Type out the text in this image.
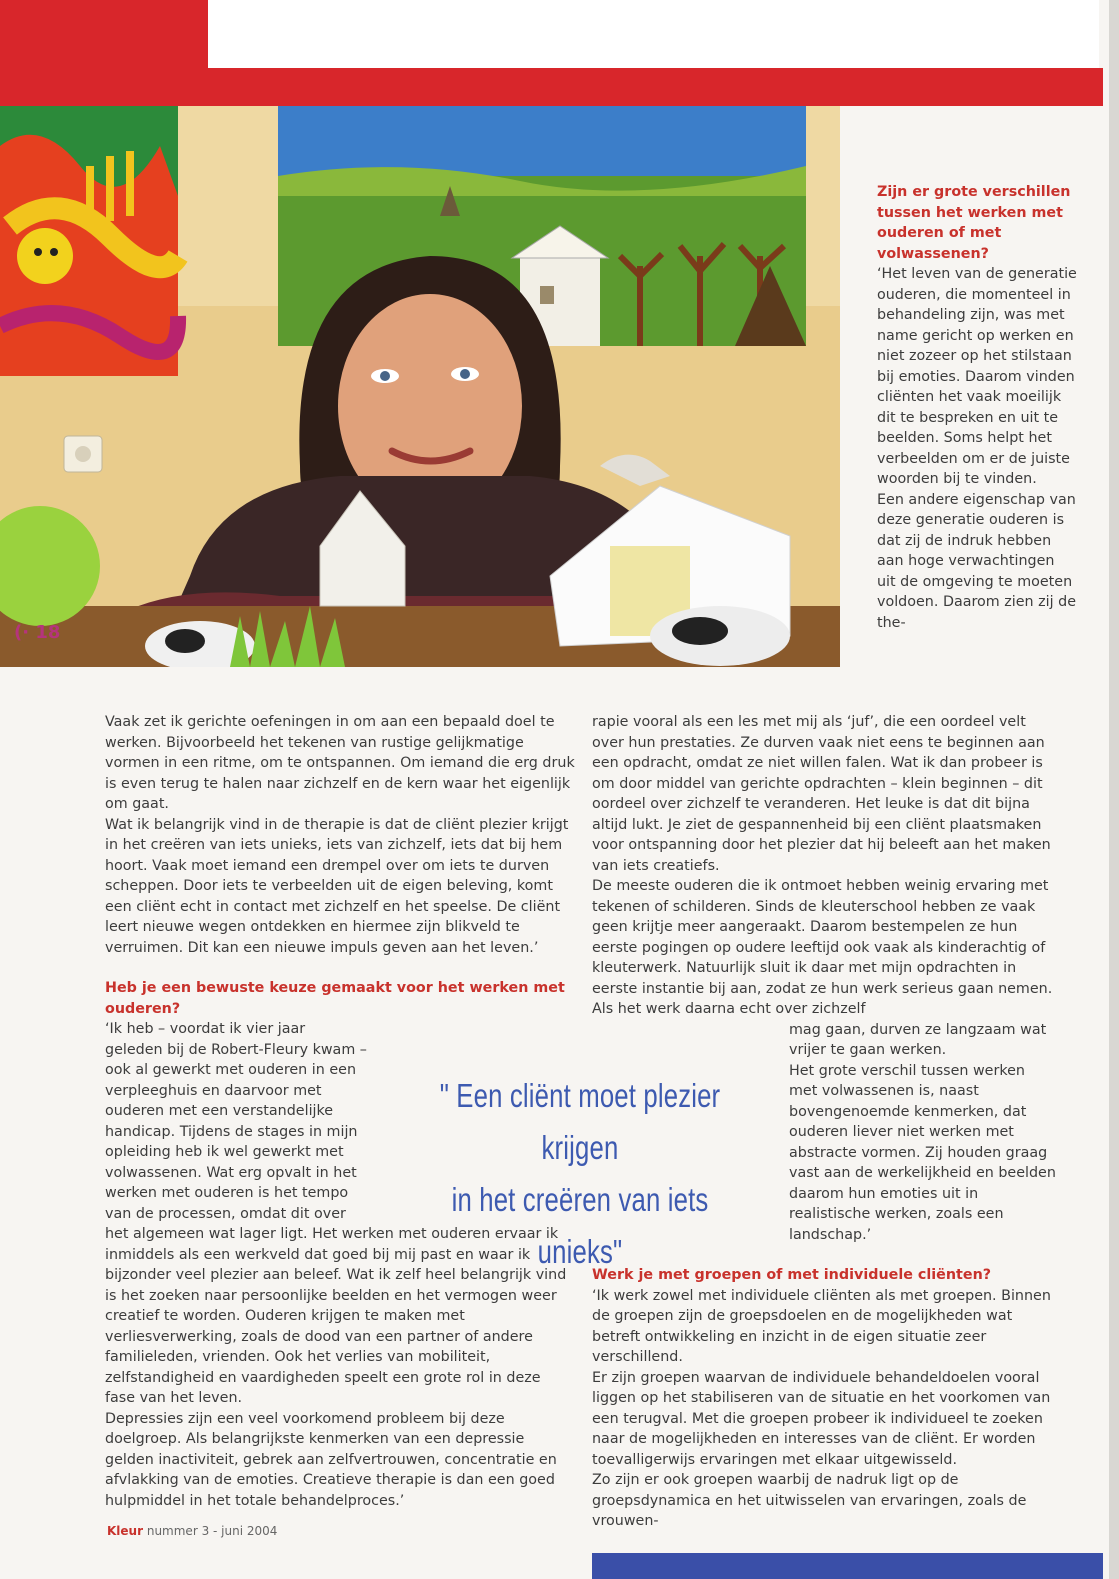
(· 18

Zijn er grote verschillen tussen het werken met ouderen of met volwassenen?

‘Het leven van de generatie ouderen, die momenteel in behandeling zijn, was met name gericht op werken en niet zozeer op het stilstaan bij emoties. Daarom vinden cliënten het vaak moeilijk dit te bespreken en uit te beelden. Soms helpt het verbeelden om er de juiste woorden bij te vinden.

Een andere eigenschap van deze generatie ouderen is dat zij de indruk hebben aan hoge verwachtingen uit de omgeving te moeten voldoen. Daarom zien zij de the-

Vaak zet ik gerichte oefeningen in om aan een bepaald doel te werken. Bijvoorbeeld het tekenen van rustige gelijkmatige vormen in een ritme, om te ontspannen. Om iemand die erg druk is even terug te halen naar zichzelf en de kern waar het eigenlijk om gaat.

Wat ik belangrijk vind in de therapie is dat de cliënt plezier krijgt in het creëren van iets unieks, iets van zichzelf, iets dat bij hem hoort. Vaak moet iemand een drempel over om iets te durven scheppen. Door iets te verbeelden uit de eigen beleving, komt een cliënt echt in contact met zichzelf en het speelse. De cliënt leert nieuwe wegen ontdekken en hiermee zijn blikveld te verruimen. Dit kan een nieuwe impuls geven aan het leven.’

Heb je een bewuste keuze gemaakt voor het werken met ouderen?

‘Ik heb – voordat ik vier jaar geleden bij de Robert-Fleury kwam – ook al gewerkt met ouderen in een verpleeghuis en daarvoor met ouderen met een verstandelijke handicap. Tijdens de stages in mijn opleiding heb ik wel gewerkt met volwassenen. Wat erg opvalt in het werken met ouderen is het tempo van de processen, omdat dit over

het algemeen wat lager ligt. Het werken met ouderen ervaar ik inmiddels als een werkveld dat goed bij mij past en waar ik bijzonder veel plezier aan beleef. Wat ik zelf heel belangrijk vind is het zoeken naar persoonlijke beelden en het vermogen weer creatief te worden. Ouderen krijgen te maken met verliesverwerking, zoals de dood van een partner of andere familieleden, vrienden. Ook het verlies van mobiliteit, zelfstandigheid en vaardigheden speelt een grote rol in deze fase van het leven.

Depressies zijn een veel voorkomend probleem bij deze doelgroep. Als belangrijkste kenmerken van een depressie gelden inactiviteit, gebrek aan zelfvertrouwen, concentratie en afvlakking van de emoties. Creatieve therapie is dan een goed hulpmiddel in het totale behandelproces.’

rapie vooral als een les met mij als ‘juf’, die een oordeel velt over hun prestaties. Ze durven vaak niet eens te beginnen aan een opdracht, omdat ze niet willen falen. Wat ik dan probeer is om door middel van gerichte opdrachten – klein beginnen – dit oordeel over zichzelf te veranderen. Het leuke is dat dit bijna altijd lukt. Je ziet de gespannenheid bij een cliënt plaatsmaken voor ontspanning door het plezier dat hij beleeft aan het maken van iets creatiefs.

De meeste ouderen die ik ontmoet hebben weinig ervaring met tekenen of schilderen. Sinds de kleuterschool hebben ze vaak geen krijtje meer aangeraakt. Daarom bestempelen ze hun eerste pogingen op oudere leeftijd ook vaak als kinderachtig of kleuterwerk. Natuurlijk sluit ik daar met mijn opdrachten in eerste instantie bij aan, zodat ze hun werk serieus gaan nemen. Als het werk daarna echt over zichzelf

mag gaan, durven ze langzaam wat vrijer te gaan werken.

Het grote verschil tussen werken met volwassenen is, naast bovengenoemde kenmerken, dat ouderen liever niet werken met abstracte vormen. Zij houden graag vast aan de werkelijkheid en beelden daarom hun emoties uit in realistische werken, zoals een landschap.’

Werk je met groepen of met individuele cliënten?

‘Ik werk zowel met individuele cliënten als met groepen. Binnen de groepen zijn de groepsdoelen en de mogelijkheden wat betreft ontwikkeling en inzicht in de eigen situatie zeer verschillend.

Er zijn groepen waarvan de individuele behandeldoelen vooral liggen op het stabiliseren van de situatie en het voorkomen van een terugval. Met die groepen probeer ik individueel te zoeken naar de mogelijkheden en interesses van de cliënt. Er worden toevalligerwijs ervaringen met elkaar uitgewisseld.

Zo zijn er ook groepen waarbij de nadruk ligt op de groepsdynamica en het uitwisselen van ervaringen, zoals de vrouwen-

" Een cliënt moet plezier krijgen
in het creëren van iets unieks"
Kleur nummer 3 - juni 2004
